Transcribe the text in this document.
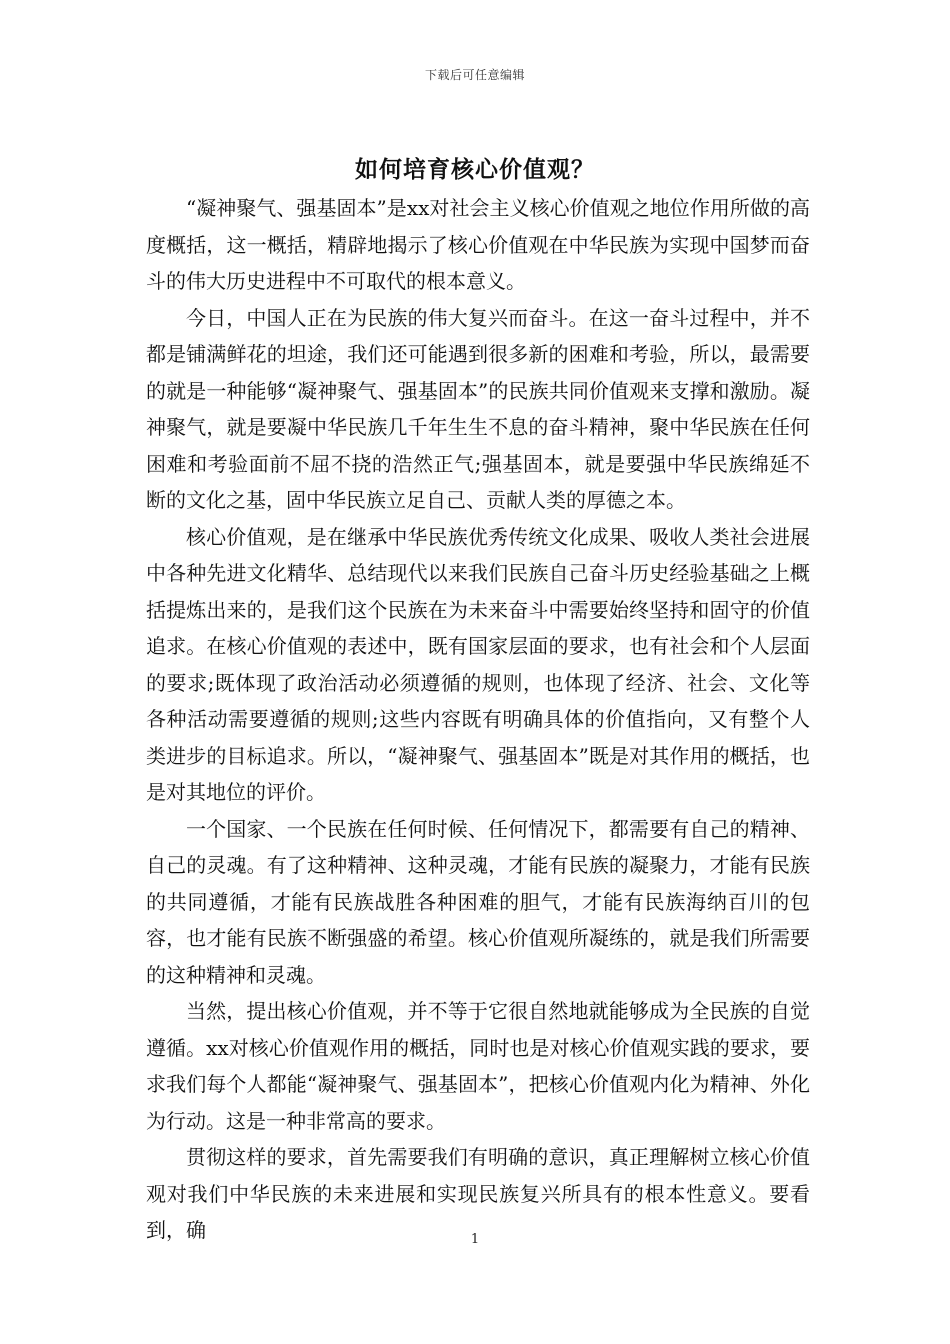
下载后可任意编辑
如何培育核心价值观？

“凝神聚气、强基固本”是xx对社会主义核心价值观之地位作用所做的高度概括，这一概括，精辟地揭示了核心价值观在中华民族为实现中国梦而奋斗的伟大历史进程中不可取代的根本意义。

今日，中国人正在为民族的伟大复兴而奋斗。在这一奋斗过程中，并不都是铺满鲜花的坦途，我们还可能遇到很多新的困难和考验，所以，最需要的就是一种能够“凝神聚气、强基固本”的民族共同价值观来支撑和激励。凝神聚气，就是要凝中华民族几千年生生不息的奋斗精神，聚中华民族在任何困难和考验面前不屈不挠的浩然正气;强基固本，就是要强中华民族绵延不断的文化之基，固中华民族立足自己、贡献人类的厚德之本。

核心价值观，是在继承中华民族优秀传统文化成果、吸收人类社会进展中各种先进文化精华、总结现代以来我们民族自己奋斗历史经验基础之上概括提炼出来的，是我们这个民族在为未来奋斗中需要始终坚持和固守的价值追求。在核心价值观的表述中，既有国家层面的要求，也有社会和个人层面的要求;既体现了政治活动必须遵循的规则，也体现了经济、社会、文化等各种活动需要遵循的规则;这些内容既有明确具体的价值指向，又有整个人类进步的目标追求。所以，“凝神聚气、强基固本”既是对其作用的概括，也是对其地位的评价。

一个国家、一个民族在任何时候、任何情况下，都需要有自己的精神、自己的灵魂。有了这种精神、这种灵魂，才能有民族的凝聚力，才能有民族的共同遵循，才能有民族战胜各种困难的胆气，才能有民族海纳百川的包容，也才能有民族不断强盛的希望。核心价值观所凝练的，就是我们所需要的这种精神和灵魂。

当然，提出核心价值观，并不等于它很自然地就能够成为全民族的自觉遵循。xx对核心价值观作用的概括，同时也是对核心价值观实践的要求，要求我们每个人都能“凝神聚气、强基固本”，把核心价值观内化为精神、外化为行动。这是一种非常高的要求。

贯彻这样的要求，首先需要我们有明确的意识，真正理解树立核心价值观对我们中华民族的未来进展和实现民族复兴所具有的根本性意义。要看到，确	1
